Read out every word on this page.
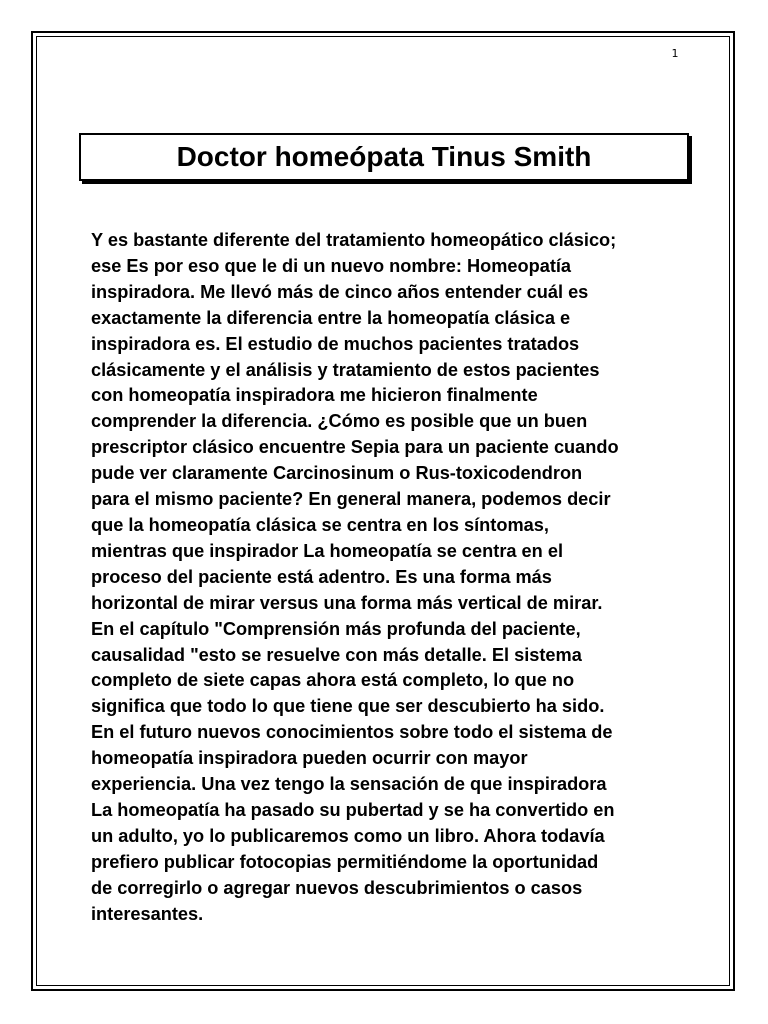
1
Doctor homeópata Tinus Smith

Y es bastante diferente del tratamiento homeopático clásico;
ese Es por eso que le di un nuevo nombre: Homeopatía
inspiradora. Me llevó más de cinco años entender cuál es
exactamente la diferencia entre la homeopatía clásica e
inspiradora es. El estudio de muchos pacientes tratados
clásicamente y el análisis y tratamiento de estos pacientes
con homeopatía inspiradora me hicieron finalmente
comprender la diferencia. ¿Cómo es posible que un buen
prescriptor clásico encuentre Sepia para un paciente cuando
pude ver claramente Carcinosinum o Rus-toxicodendron
para el mismo paciente? En general manera, podemos decir
que la homeopatía clásica se centra en los síntomas,
mientras que inspirador La homeopatía se centra en el
proceso del paciente está adentro. Es una forma más
horizontal de mirar versus una forma más vertical de mirar.
En el capítulo "Comprensión más profunda del paciente,
causalidad "esto se resuelve con más detalle. El sistema
completo de siete capas ahora está completo, lo que no
significa que todo lo que tiene que ser descubierto ha sido.
En el futuro nuevos conocimientos sobre todo el sistema de
homeopatía inspiradora pueden ocurrir con mayor
experiencia. Una vez tengo la sensación de que inspiradora
La homeopatía ha pasado su pubertad y se ha convertido en
un adulto, yo lo publicaremos como un libro. Ahora todavía
prefiero publicar fotocopias permitiéndome la oportunidad
de corregirlo o agregar nuevos descubrimientos o casos
interesantes.
